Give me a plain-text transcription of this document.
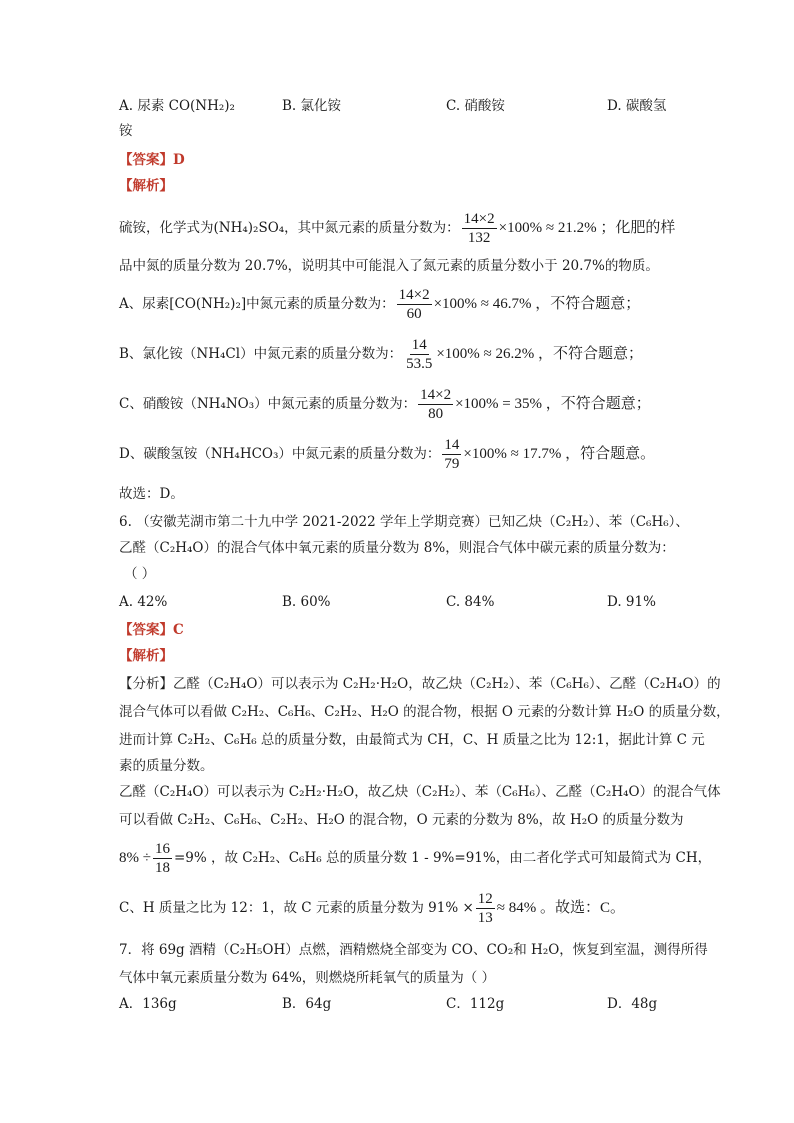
A. 尿素 CO(NH₂)₂	B. 氯化铵	C. 硝酸铵	D. 碳酸氢
铵
【答案】D
【解析】
硫铵，化学式为(NH₄)₂SO₄，其中氮元素的质量分数为： $\frac{14\times 2}{132} \times 100\% \approx 21.2\%$ ；化肥的样
品中氮的质量分数为 20.7%，说明其中可能混入了氮元素的质量分数小于 20.7%的物质。
A、尿素[CO(NH₂)₂]中氮元素的质量分数为： $\frac{14\times 2}{60} \times 100\% \approx 46.7\%$ ，不符合题意；
B、氯化铵（NH₄Cl）中氮元素的质量分数为： $\frac{14}{53.5} \times 100\% \approx 26.2\%$ ，不符合题意；
C、硝酸铵（NH₄NO₃）中氮元素的质量分数为： $\frac{14\times 2}{80} \times 100\% = 35\%$ ，不符合题意；
D、碳酸氢铵（NH₄HCO₃）中氮元素的质量分数为： $\frac{14}{79} \times 100\% \approx 17.7\%$ ，符合题意。
故选：D。
6. （安徽芜湖市第二十九中学 2021-2022 学年上学期竞赛）已知乙炔（C₂H₂）、苯（C₆H₆）、
乙醛（C₂H₄O）的混合气体中氧元素的质量分数为 8%，则混合气体中碳元素的质量分数为：
（ ）
A. 42%	B. 60%	C. 84%	D. 91%
【答案】C
【解析】
【分析】乙醛（C₂H₄O）可以表示为 C₂H₂·H₂O，故乙炔（C₂H₂）、苯（C₆H₆）、乙醛（C₂H₄O）的
混合气体可以看做 C₂H₂、C₆H₆、C₂H₂、H₂O 的混合物，根据 O 元素的分数计算 H₂O 的质量分数，
进而计算 C₂H₂、C₆H₆ 总的质量分数，由最简式为 CH，C、H 质量之比为 12:1，据此计算 C 元
素的质量分数。
乙醛（C₂H₄O）可以表示为 C₂H₂·H₂O，故乙炔（C₂H₂）、苯（C₆H₆）、乙醛（C₂H₄O）的混合气体
可以看做 C₂H₂、C₆H₆、C₂H₂、H₂O 的混合物，O 元素的分数为 8%，故 H₂O 的质量分数为
$8\% \div \frac{16}{18} =9\%$ ，故 C₂H₂、C₆H₆ 总的质量分数 1 - 9%=91%，由二者化学式可知最简式为 CH，
C、H 质量之比为 12：1，故 C 元素的质量分数为 $91\% \times \frac{12}{13} \approx 84\%$ 。故选：C。
7．将 69g 酒精（C₂H₅OH）点燃，酒精燃烧全部变为 CO、CO₂和 H₂O，恢复到室温，测得所得
气体中氧元素质量分数为 64%，则燃烧所耗氧气的质量为（ ）
A．136g	B．64g	C．112g	D．48g
